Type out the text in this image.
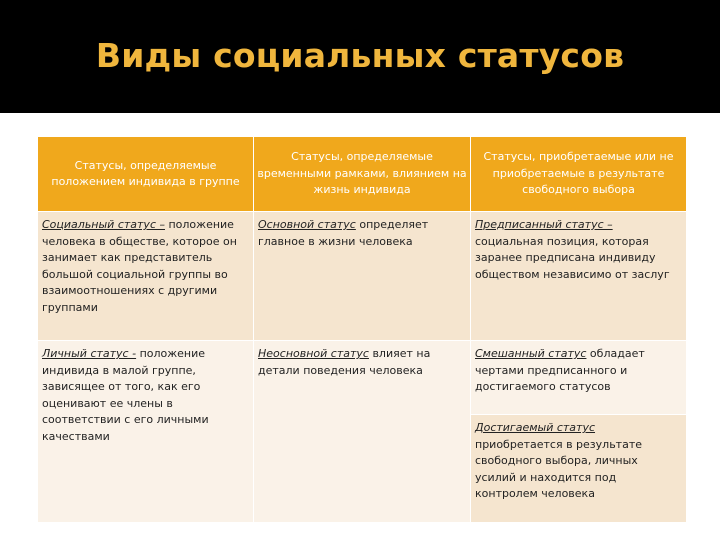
Виды социальных статусов
Статусы, определяемые положением индивида в группе	Статусы, определяемые временными рамками, влиянием на жизнь индивида	Статусы, приобретаемые или не приобретаемые в результате свободного выбора
Социальный статус – положение человека в обществе, которое он занимает как представитель большой социальной группы во взаимоотношениях с другими группами	Основной статус определяет главное в жизни человека	Предписанный статус – социальная позиция, которая заранее предписана индивиду обществом независимо от заслуг
Личный статус - положение индивида в малой группе, зависящее от того, как его оценивают ее члены в соответствии с его личными качествами	Неосновной статус влияет на детали поведения человека	Смешанный статус обладает чертами предписанного и достигаемого статусов
		Достигаемый статус приобретается в результате свободного выбора, личных усилий и находится под контролем человека
